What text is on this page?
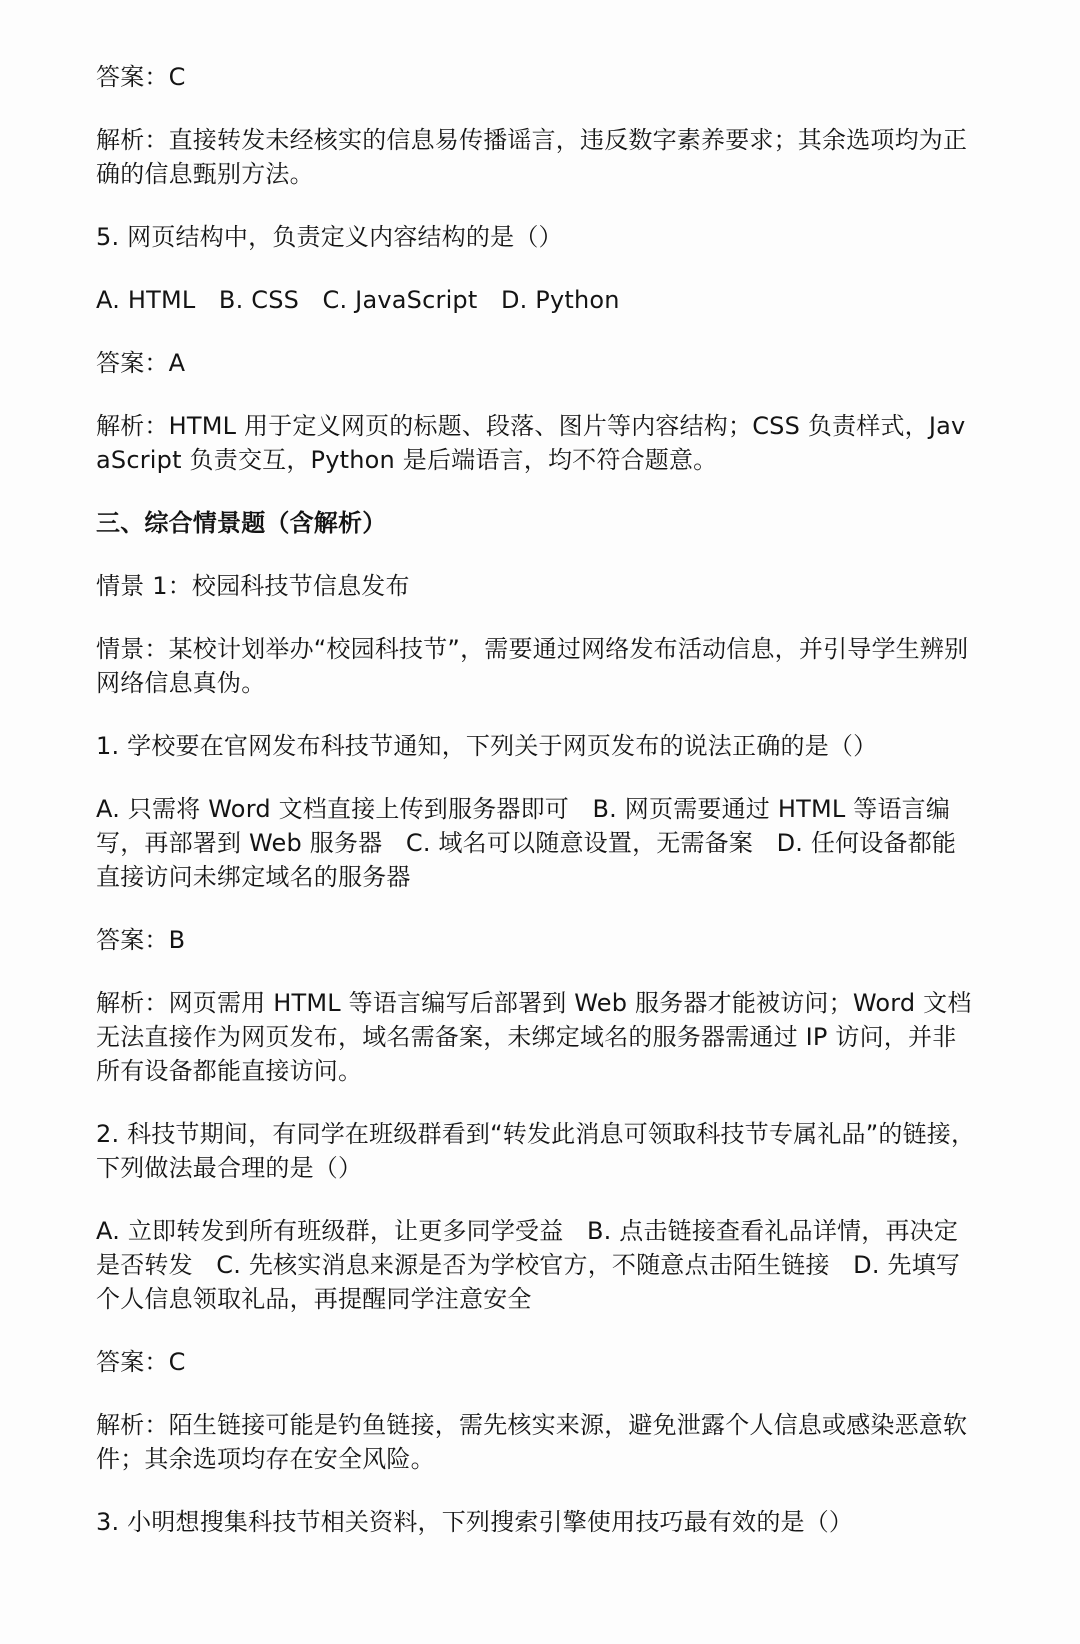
答案：C

解析：直接转发未经核实的信息易传播谣言，违反数字素养要求；其余选项均为正确的信息甄别方法。

5. 网页结构中，负责定义内容结构的是（）

A. HTML   B. CSS   C. JavaScript   D. Python

答案：A

解析：HTML 用于定义网页的标题、段落、图片等内容结构；CSS 负责样式，JavaScript 负责交互，Python 是后端语言，均不符合题意。

三、综合情景题（含解析）

情景 1：校园科技节信息发布

情景：某校计划举办“校园科技节”，需要通过网络发布活动信息，并引导学生辨别网络信息真伪。

1. 学校要在官网发布科技节通知，下列关于网页发布的说法正确的是（）

A. 只需将 Word 文档直接上传到服务器即可   B. 网页需要通过 HTML 等语言编写，再部署到 Web 服务器   C. 域名可以随意设置，无需备案   D. 任何设备都能直接访问未绑定域名的服务器

答案：B

解析：网页需用 HTML 等语言编写后部署到 Web 服务器才能被访问；Word 文档无法直接作为网页发布，域名需备案，未绑定域名的服务器需通过 IP 访问，并非所有设备都能直接访问。

2. 科技节期间，有同学在班级群看到“转发此消息可领取科技节专属礼品”的链接，下列做法最合理的是（）

A. 立即转发到所有班级群，让更多同学受益   B. 点击链接查看礼品详情，再决定是否转发   C. 先核实消息来源是否为学校官方，不随意点击陌生链接   D. 先填写个人信息领取礼品，再提醒同学注意安全

答案：C

解析：陌生链接可能是钓鱼链接，需先核实来源，避免泄露个人信息或感染恶意软件；其余选项均存在安全风险。

3. 小明想搜集科技节相关资料，下列搜索引擎使用技巧最有效的是（）
